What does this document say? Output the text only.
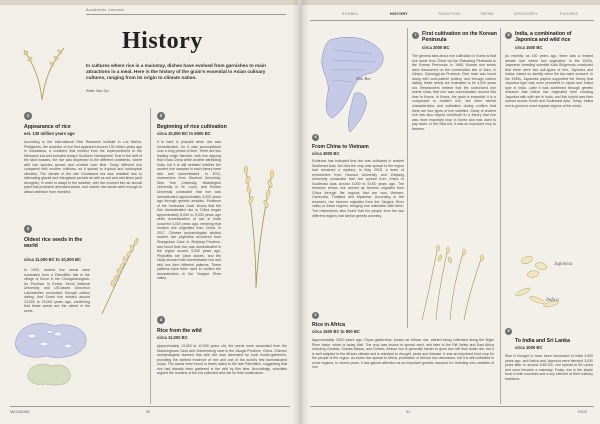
Academic Journal
History
In cultures where rice is a mainstay, dishes have evolved from garnishes to main attractions in a meal. Here is the history of the grain's essential in Asian culinary cultures, ranging from its origin to climate nation.
Writer: Wan Tan
1
Appearance of rice
est. 130 million years ago
According to the International Rice Research Institute in Los Baños, Philippines, the ancestor of rice first appeared around 130 million years ago in Gondwana, a continent that existed from the supercontinent to the Mesozoic era and included today's Southern Hemisphere. Due to the drift of the land masses, the rice was dispersed to the different continents, where wild rice species spread and evolved over time. Today different rice compared with modern cultivars, as it spread to tropical and subtropical climates. The climate of the late Gondwana era was unstable due to alternating glacial and interglacial periods as well as wet and arid times (and droughts). In order to adapt to the weather, wild rice evolved into an annual plant that produced abundant seeds, and mature rice seeds were enough to attract attention from mankind.
3
Oldest rice seeds in the world
circa 11,000 BC to 10,000 BC
In 1993, ancient rice seeds were excavated from a Paleolithic site in the village of Sorori in the Chungcheongbuk-do Province in Korea. Seoul National University and US-based Geochron Laboratories concluded, through carbon dating, that Sorori rice existed around 13,000 to 15,000 years ago, confirming that these seeds are the oldest in the world.
2
Beginning of rice cultivation
circa 10,000 BC to 6000 BC
It is hard to pinpoint when rice was domesticated, for it was accomplished over a long period of time. There are two leading origin theories, with one arguing that it was China while another attributing India, but it is still debated whether the ancient rice samples in each theory were wild and domesticated. In 2011, researchers from Stanford University, New York University, Washington University in St. Louis, and Purdue University concluded that rice was domesticated approximately 9,000 years ago through genetic analysis. Evidence of the 'molecular clock' shows that the first domesticated rice in China began approximately 8,000 to 9,000 years ago while domestication of rice in India occurred 4,000 years ago, meaning that modern rice originates from China. In 2017, Chinese archaeologists studied ancient rice phytoliths recovered from Shangshan Cave in Zhejiang Province, and found that rice was domesticated in the region around 9,000 years ago. Phytoliths are 'plant stones', and the study showed that domesticated rice and wild rice form different patterns. These patterns have been used to confirm the domestication in the Yangtze River valley.
4
Rice from the wild
circa 11,000 BC
Approximately 13,000 to 12,000 years old, the seeds were excavated from the Diaotonghuan Cave and Xianrendong cave in the Jiangxi Province, China. Chinese archaeologists claimed that wild rice was harvested by local hunter-gatherers, providing the earliest evidence of rice and one of the world's first domesticated crops. The seeds were found in levels dated to the late Paleolithic, suggesting that rice had already been gathered in the wild by this time. Accordingly, scientists argued the humans of the era collected wild rice for their sustenance.
MAGAZINE	50
SYMBOL	HISTORY	TRADITION	TREND	DISCOVERY	FIGURES
Min Bai
5
From China to Vietnam
circa 3000 BC
Evidence has indicated that rice was cultivated in ancient Southeast Asia, but how the crop was spread to the region had remained a mystery. In May 2018, a team of researchers from Harvard University and Zhejiang University concluded that rice spread from China to Southeast Asia around 4,000 to 5,000 years ago. The research shows rice arrived as farmers migrated from China through the regions that are now Vietnam, Cambodia, Thailand and Myanmar. According to the research, rice farmers migrated from the Yangtze River valley to these regions, bringing rice cultivation with them. The researchers also found that the people from the two different regions had similar genetic ancestry.
6
Rice in Africa
circa 1500 BC to 800 BC
Approximately 3,500 years ago, Oryza glaberrima, known as African rice, started being cultivated along the Niger River basin, which is today Mali. The crop was known to spread west, and later to the Rift Valley and East Africa including Gambia, Guinea-Bissau, and Guinea. African rice is generally harder to grow and mill than Asian rice, but it is well adapted to the African climate and is resistant to drought, pests and disease. It was an important food crop for the people of the region. As Asian rice spread to Africa, production of African rice decreased, but it is still cultivated in some regions. In recent years, it has gained attention as an important genetic resource for breeding new varieties of rice.
7	First cultivation on the Korean Peninsula
circa 2000 BC
The general idea about rice cultivation in Korea is that rice came from China via the Shandong Peninsula to the Korean Peninsula. In 1995, Korean rice seeds were discovered on the construction site of Jaeo, in Gimpo, Gyeonggi-do Province. Rice husk was found along with cord-pattern pottery, and through carbon dating, these seeds are estimated to be 4,000 years old. Researchers believe that the carbonized rice seeds show that rice was domesticated around this time in Korea. In Korea, the grain is essential; it is a component to modern rice, but other similar characteristics and cultivation during confirm that there are four types of rice varieties. Study of ancient rice has also helped contribute to a theory that rice was more important crop in Korea and was used to pay taxes. In the Silla era, it was an important crop to farmers.
8	India, a combination of Japonica and wild rice
circa 1500 BC
As recently as 100 years ago, there was a heated debate over where rice originated. In the 1920s, Japanese breeding scientist Kato Shigemoto concluded that there were two sub-types of rice, Japonica and Indica, based on sterility when the two were crossed. In the 1930s, Japanese papers supported the theory that Japonica type was more prevalent in Japan and Indica type in India. Later it was confirmed through genetic research that Indica rice originated from crossing Japonica with wild rice in India, and this hybrid was then spread across South and Southeast Asia. Today, Indica rice is grown in most tropical regions of the world.
Japonica
Indica
9
To India and Sri Lanka
circa 1000 BC
Rice is thought to have been introduced to India 4,500 years ago, and Indica and Japonica were blended 3,000 years later. In around 1000 BC, rice spread to Sri Lanka and soon became a mainstay. Today, rice is the staple food in both countries and a key element of their culinary traditions.
51	RICE
